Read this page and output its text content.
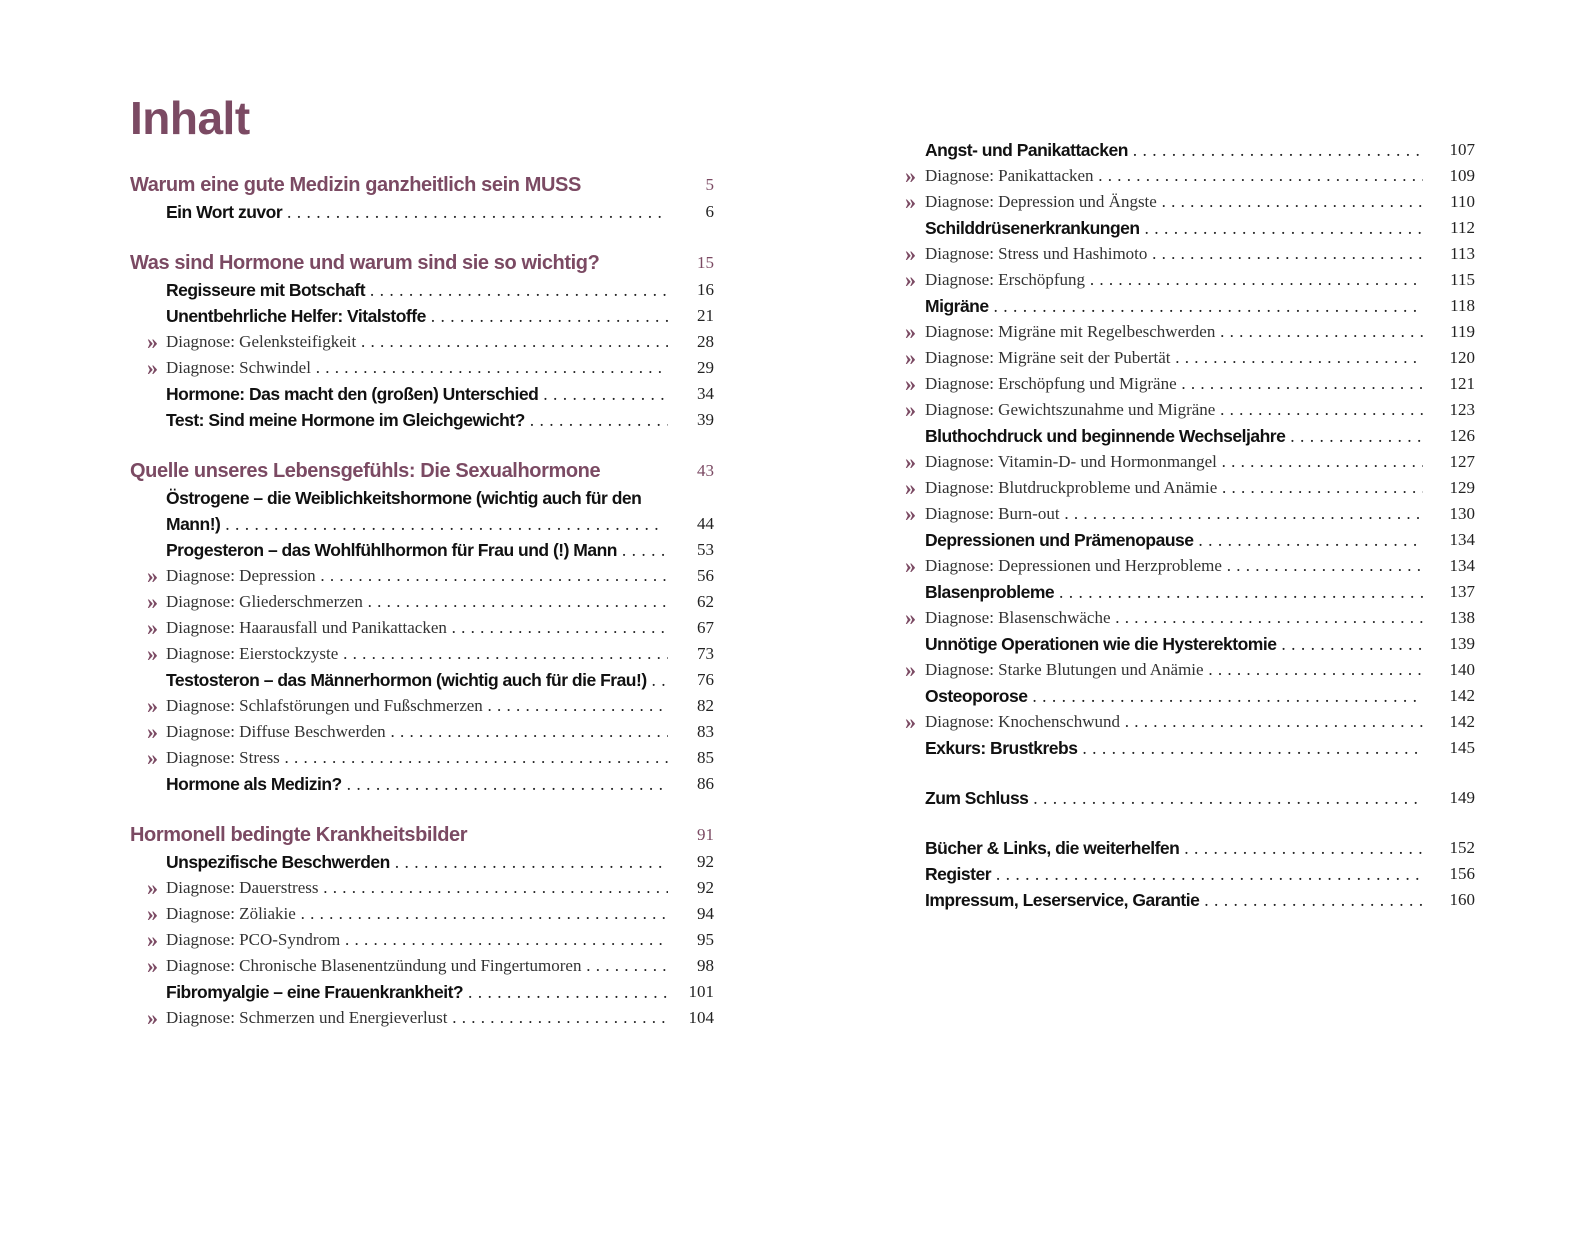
Inhalt
Warum eine gute Medizin ganzheitlich sein MUSS	5
Ein Wort zuvor . . .	6
Was sind Hormone und warum sind sie so wichtig?	15
Regisseure mit Botschaft . . .	16
Unentbehrliche Helfer: Vitalstoffe . . .	21
» Diagnose: Gelenksteifigkeit . . .	28
» Diagnose: Schwindel . . .	29
Hormone: Das macht den (großen) Unterschied . . .	34
Test: Sind meine Hormone im Gleichgewicht? . . .	39
Quelle unseres Lebensgefühls: Die Sexualhormone	43
Östrogene – die Weiblichkeitshormone (wichtig auch für den Mann!) . . .	44
Progesteron – das Wohlfühlhormon für Frau und (!) Mann . . .	53
» Diagnose: Depression . . .	56
» Diagnose: Gliederschmerzen . . .	62
» Diagnose: Haarausfall und Panikattacken . . .	67
» Diagnose: Eierstockzyste . . .	73
Testosteron – das Männerhormon (wichtig auch für die Frau!) . . .	76
» Diagnose: Schlafstörungen und Fußschmerzen . . .	82
» Diagnose: Diffuse Beschwerden . . .	83
» Diagnose: Stress . . .	85
Hormone als Medizin? . . .	86
Hormonell bedingte Krankheitsbilder	91
Unspezifische Beschwerden . . .	92
» Diagnose: Dauerstress . . .	92
» Diagnose: Zöliakie . . .	94
» Diagnose: PCO-Syndrom . . .	95
» Diagnose: Chronische Blasenentzündung und Fingertumoren . . .	98
Fibromyalgie – eine Frauenkrankheit? . . .	101
» Diagnose: Schmerzen und Energieverlust . . .	104
Angst- und Panikattacken . . .	107
» Diagnose: Panikattacken . . .	109
» Diagnose: Depression und Ängste . . .	110
Schilddrüsenerkrankungen . . .	112
» Diagnose: Stress und Hashimoto . . .	113
» Diagnose: Erschöpfung . . .	115
Migräne . . .	118
» Diagnose: Migräne mit Regelbeschwerden . . .	119
» Diagnose: Migräne seit der Pubertät . . .	120
» Diagnose: Erschöpfung und Migräne . . .	121
» Diagnose: Gewichtszunahme und Migräne . . .	123
Bluthochdruck und beginnende Wechseljahre . . .	126
» Diagnose: Vitamin-D- und Hormonmangel . . .	127
» Diagnose: Blutdruckprobleme und Anämie . . .	129
» Diagnose: Burn-out . . .	130
Depressionen und Prämenopause . . .	134
» Diagnose: Depressionen und Herzprobleme . . .	134
Blasenprobleme . . .	137
» Diagnose: Blasenschwäche . . .	138
Unnötige Operationen wie die Hysterektomie . . .	139
» Diagnose: Starke Blutungen und Anämie . . .	140
Osteoporose . . .	142
» Diagnose: Knochenschwund . . .	142
Exkurs: Brustkrebs . . .	145
Zum Schluss . . .	149
Bücher & Links, die weiterhelfen . . .	152
Register . . .	156
Impressum, Leserservice, Garantie . . .	160
